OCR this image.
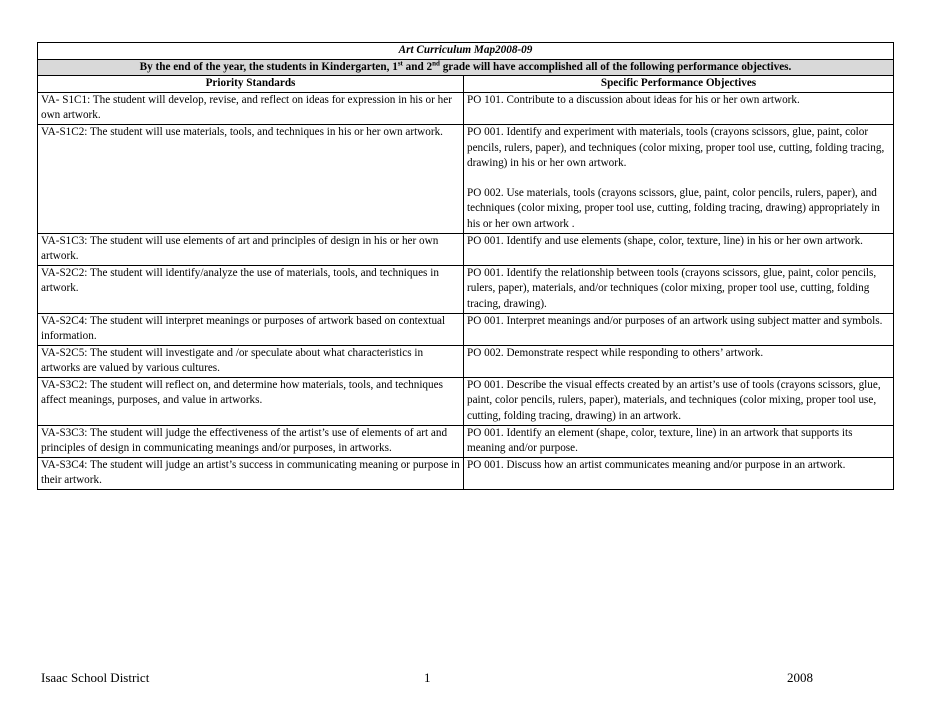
Art Curriculum Map2008-09	
By the end of the year, the students in Kindergarten, 1st and 2nd grade will have accomplished all of the following performance objectives.	
Priority Standards	Specific Performance Objectives
VA- S1C1: The student will develop, revise, and reflect on ideas for expression in his or her own artwork.	PO 101. Contribute to a discussion about ideas for his or her own artwork.

VA-S1C2: The student will use materials, tools, and techniques in his or her own artwork.	PO 001. Identify and experiment with materials, tools (crayons scissors, glue, paint, color pencils, rulers, paper), and techniques (color mixing, proper tool use, cutting, folding tracing, drawing) in his or her own artwork.
PO 002. Use materials, tools (crayons scissors, glue, paint, color pencils, rulers, paper), and techniques (color mixing, proper tool use, cutting, folding tracing, drawing) appropriately in his or her own artwork .

VA-S1C3: The student will use elements of art and principles of design in his or her own artwork.	PO 001. Identify and use elements (shape, color, texture, line) in his or her own artwork.

VA-S2C2: The student will identify/analyze the use of materials, tools, and techniques in artwork.	PO 001. Identify the relationship between tools (crayons scissors, glue, paint, color pencils, rulers, paper), materials, and/or techniques (color mixing, proper tool use, cutting, folding tracing, drawing).

VA-S2C4: The student will interpret meanings or purposes of artwork based on contextual information.	PO 001. Interpret meanings and/or purposes of an artwork using subject matter and symbols.

VA-S2C5: The student will investigate and /or speculate about what characteristics in artworks are valued by various cultures.	PO 002. Demonstrate respect while responding to others’ artwork.

VA-S3C2: The student will reflect on, and determine how materials, tools, and techniques affect meanings, purposes, and value in artworks.	PO 001. Describe the visual effects created by an artist’s use of tools (crayons scissors, glue, paint, color pencils, rulers, paper), materials, and techniques (color mixing, proper tool use, cutting, folding tracing, drawing) in an artwork.

VA-S3C3: The student will judge the effectiveness of the artist’s use of elements of art and principles of design in communicating meanings and/or purposes, in artworks.	PO 001. Identify an element (shape, color, texture, line) in an artwork that supports its meaning and/or purpose.

VA-S3C4: The student will judge an artist’s success in communicating meaning or purpose in their artwork.	PO 001. Discuss how an artist communicates meaning and/or purpose in an artwork.
Isaac School District	1	2008
